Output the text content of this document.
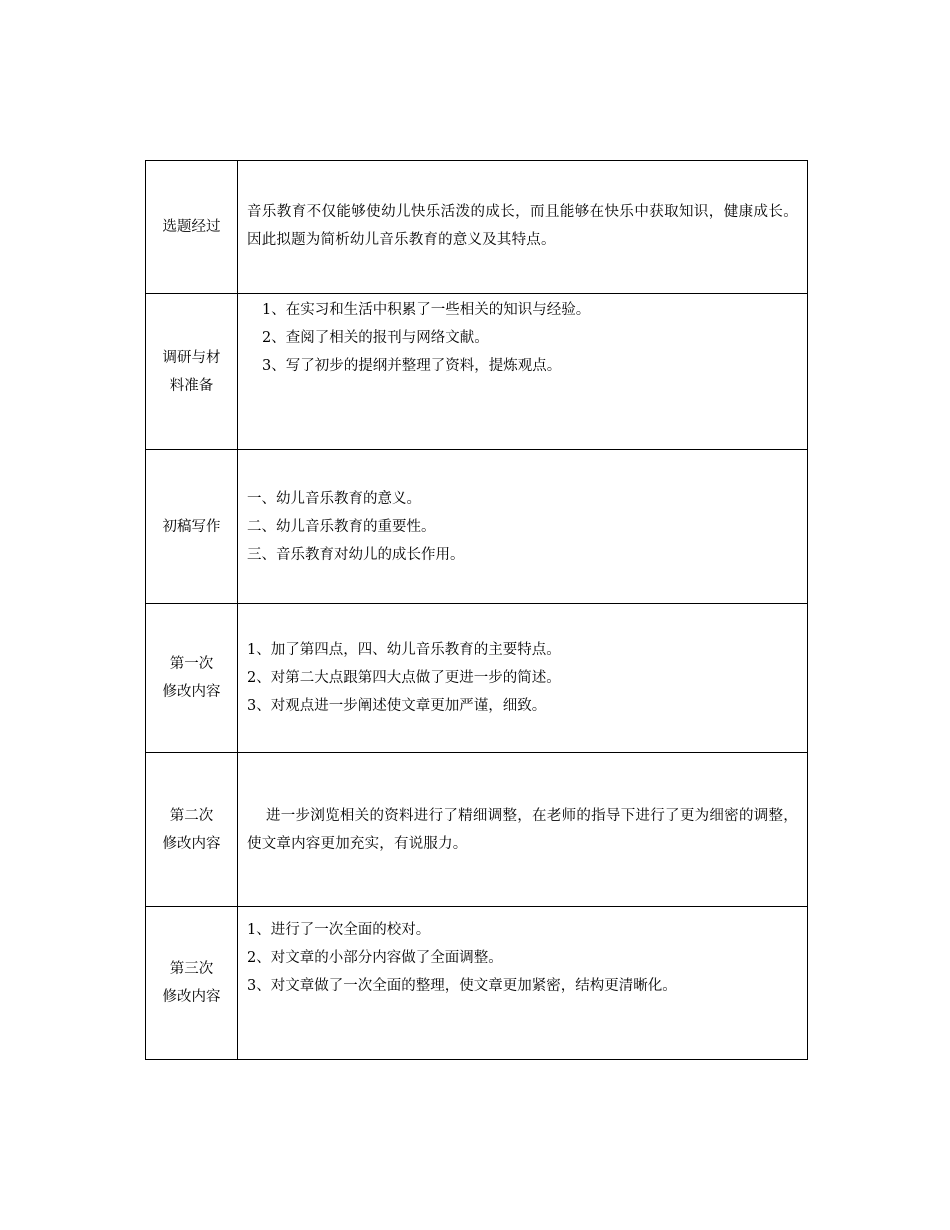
选题经过	音乐教育不仅能够使幼儿快乐活泼的成长，而且能够在快乐中获取知识，健康成长。因此拟题为简析幼儿音乐教育的意义及其特点。

调研与材
料准备	1、在实习和生活中积累了一些相关的知识与经验。
2、查阅了相关的报刊与网络文献。
3、写了初步的提纲并整理了资料，提炼观点。

初稿写作	一、幼儿音乐教育的意义。
二、幼儿音乐教育的重要性。
三、音乐教育对幼儿的成长作用。

第一次
修改内容	1、加了第四点，四、幼儿音乐教育的主要特点。
2、对第二大点跟第四大点做了更进一步的简述。
3、对观点进一步阐述使文章更加严谨，细致。

第二次
修改内容	进一步浏览相关的资料进行了精细调整，在老师的指导下进行了更为细密的调整，使文章内容更加充实，有说服力。

第三次
修改内容	1、进行了一次全面的校对。
2、对文章的小部分内容做了全面调整。
3、对文章做了一次全面的整理，使文章更加紧密，结构更清晰化。
